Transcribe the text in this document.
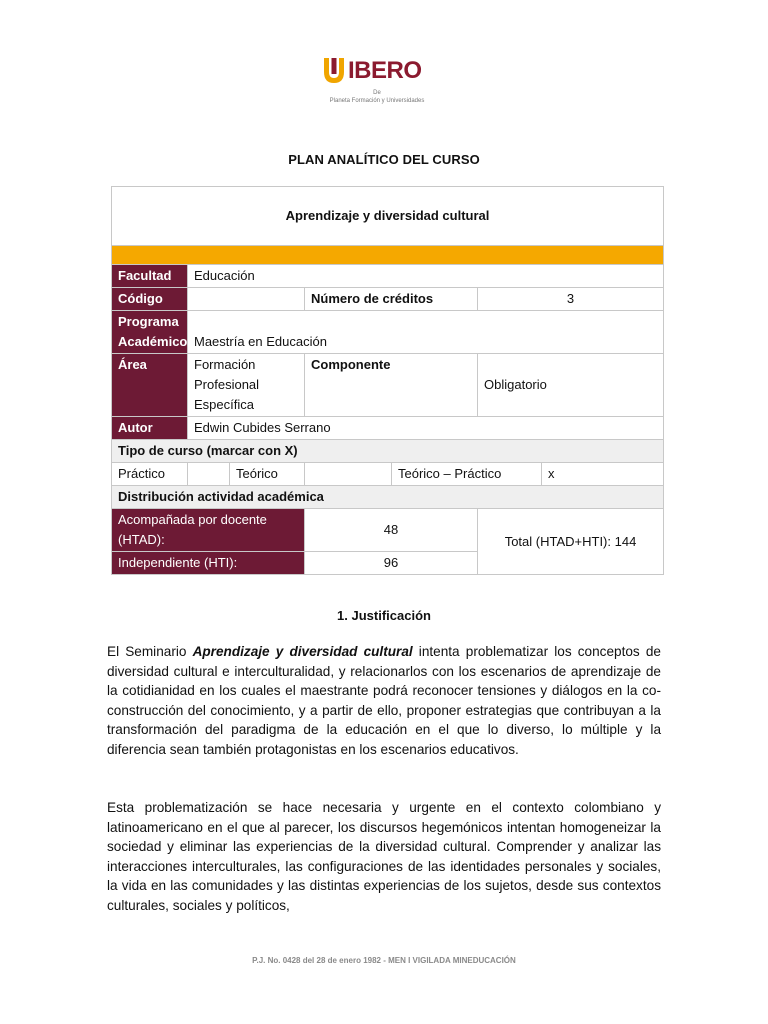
IBERO
De
Planeta Formación y Universidades
PLAN ANALÍTICO DEL CURSO
Aprendizaje y diversidad cultural						

Facultad	Educación					
Código			Número de créditos		3	
Programa Académico	Maestría en Educación					
Área	Formación Profesional Específica		Componente		Obligatorio	
Autor	Edwin Cubides Serrano					
Tipo de curso (marcar con X)						
Práctico		Teórico		Teórico – Práctico		x
Distribución actividad académica						
Acompañada por docente (HTAD):			48		Total (HTAD+HTI): 144	
Independiente (HTI):			96			
1. Justificación

El Seminario Aprendizaje y diversidad cultural intenta problematizar los conceptos de diversidad cultural e interculturalidad, y relacionarlos con los escenarios de aprendizaje de la cotidianidad en los cuales el maestrante podrá reconocer tensiones y diálogos en la co-construcción del conocimiento, y a partir de ello, proponer estrategias que contribuyan a la transformación del paradigma de la educación en el que lo diverso, lo múltiple y la diferencia sean también protagonistas en los escenarios educativos.

Esta problematización se hace necesaria y urgente en el contexto colombiano y latinoamericano en el que al parecer, los discursos hegemónicos intentan homogeneizar la sociedad y eliminar las experiencias de la diversidad cultural. Comprender y analizar las interacciones interculturales, las configuraciones de las identidades personales y sociales, la vida en las comunidades y las distintas experiencias de los sujetos, desde sus contextos culturales, sociales y políticos,

P.J. No. 0428 del 28 de enero 1982 - MEN I VIGILADA MINEDUCACIÓN
